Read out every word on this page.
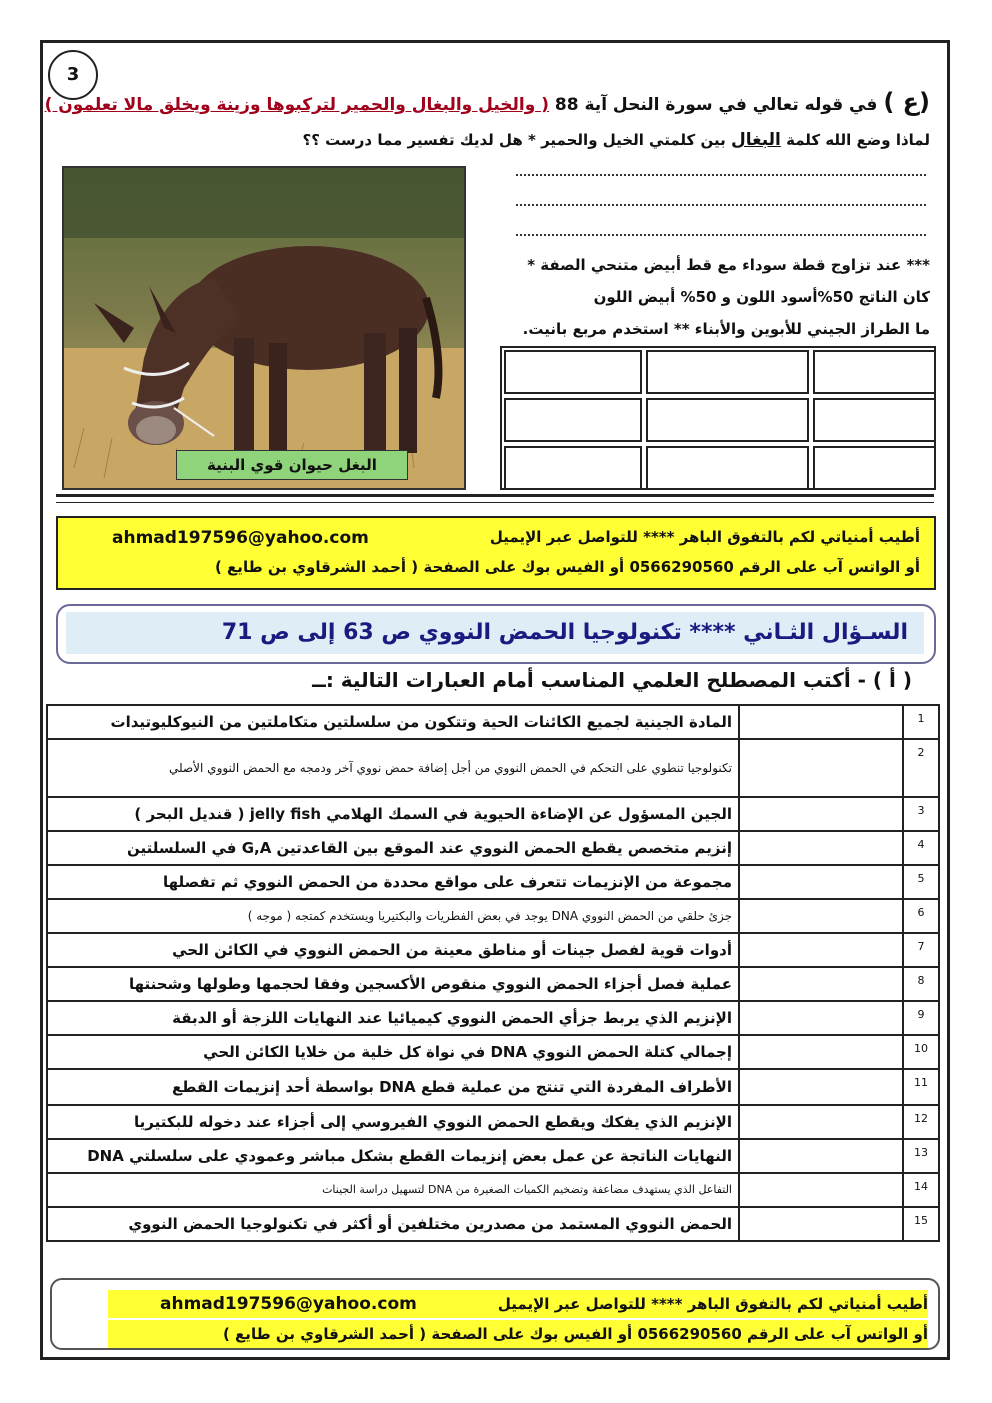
3
(ع ) في قوله تعالي في سورة النحل آية 88 ( والخيل والبغال والحمير لتركبوها وزينة ويخلق مالا تعلمون )
لماذا وضع الله كلمة البغال بين كلمتي الخيل والحمير * هل لديك تفسير مما درست ؟؟
البغل حيوان قوي البنية
*** عند تزاوج قطة سوداء مع قط أبيض متنحي الصفة *
كان الناتج 50%أسود اللون و 50% أبيض اللون
ما الطراز الجيني للأبوين والأبناء ** استخدم مربع بانيت.
أطيب أمنياتي لكم بالتفوق الباهر **** للتواصل عبر الإيميل
ahmad197596@yahoo.com
أو الواتس آب على الرقم 0566290560 أو الفيس بوك على الصفحة ( أحمد الشرقاوي بن طايع )
السـؤال الثـاني **** تكنولوجيا الحمض النووي ص 63 إلى ص 71
( أ ) - أكتب المصطلح العلمي المناسب أمام العبارات التالية :ــ
1		المادة الجينية لجميع الكائنات الحية وتتكون من سلسلتين متكاملتين من النيوكليوتيدات
2		تكنولوجيا تنطوي على التحكم في الحمض النووي من أجل إضافة حمض نووي آخر ودمجه مع الحمض النووي الأصلي
3		الجين المسؤول عن الإضاءة الحيوية في السمك الهلامي jelly fish ( قنديل البحر )
4		إنزيم متخصص يقطع الحمض النووي عند الموقع بين القاعدتين G,A في السلسلتين
5		مجموعة من الإنزيمات تتعرف على مواقع محددة من الحمض النووي ثم تفصلها
6		جزئ حلقي من الحمض النووي DNA يوجد في بعض الفطريات والبكتيريا ويستخدم كمتجه ( موجه )
7		أدوات قوية لفصل جينات أو مناطق معينة من الحمض النووي في الكائن الحي
8		عملية فصل أجزاء الحمض النووي منقوص الأكسجين وفقا لحجمها وطولها وشحنتها
9		الإنزيم الذي يربط جزأي الحمض النووي كيميائيا عند النهايات اللزجة أو الدبقة
10		إجمالي كتلة الحمض النووي DNA في نواة كل خلية من خلايا الكائن الحي
11		الأطراف المفردة التي تنتج من عملية قطع DNA بواسطة أحد إنزيمات القطع
12		الإنزيم الذي يفكك ويقطع الحمض النووي الفيروسي إلى أجزاء عند دخوله للبكتيريا
13		النهايات الناتجة عن عمل بعض إنزيمات القطع بشكل مباشر وعمودي على سلسلتي DNA
14		التفاعل الذي يستهدف مضاعفة وتضخيم الكميات الصغيرة من DNA لتسهيل دراسة الجينات
15		الحمض النووي المستمد من مصدرين مختلفين أو أكثر في تكنولوجيا الحمض النووي
أطيب أمنياتي لكم بالتفوق الباهر **** للتواصل عبر الإيميل
ahmad197596@yahoo.com
أو الواتس آب على الرقم 0566290560 أو الفيس بوك على الصفحة ( أحمد الشرقاوي بن طايع )
